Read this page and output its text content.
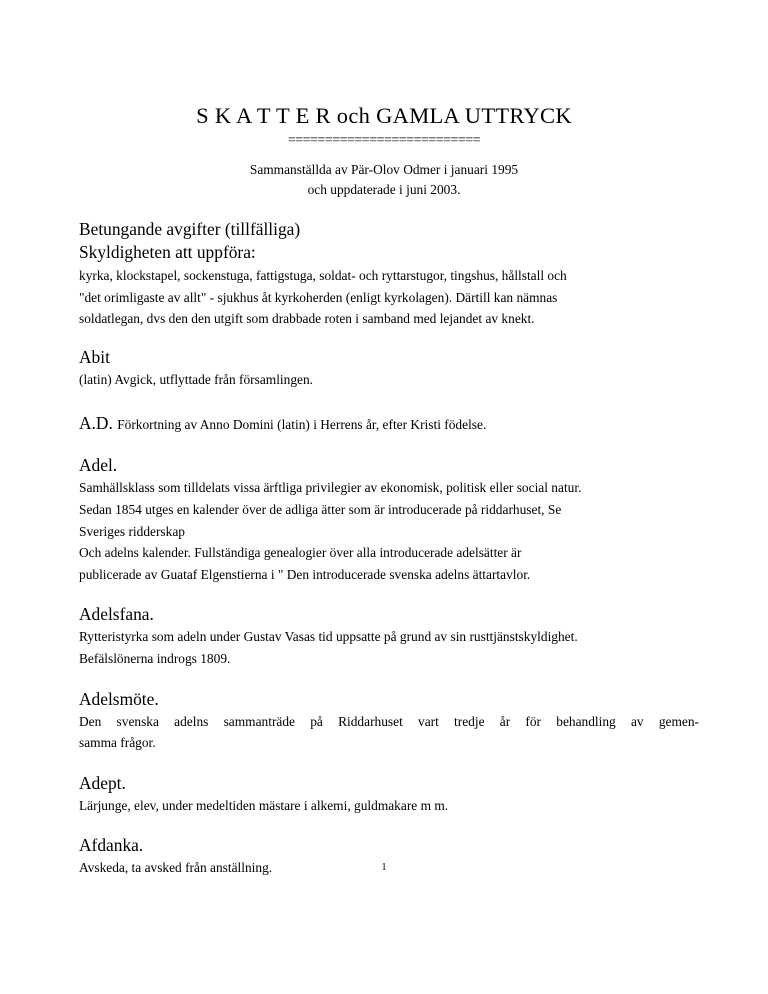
S K A T T E R och GAMLA UTTRYCK
==========================
Sammanställda av Pär-Olov Odmer i januari 1995
och uppdaterade i juni 2003.
Betungande avgifter (tillfälliga)
Skyldigheten att uppföra:
kyrka, klockstapel, sockenstuga, fattigstuga, soldat- och ryttarstugor, tingshus, hållstall och
"det orimligaste av allt" - sjukhus åt kyrkoherden (enligt kyrkolagen). Därtill kan nämnas
soldatlegan, dvs den den utgift som drabbade roten i samband med lejandet av knekt.
Abit
(latin) Avgick, utflyttade från församlingen.
A.D. Förkortning av Anno Domini (latin) i Herrens år, efter Kristi födelse.
Adel.
Samhällsklass som tilldelats vissa ärftliga privilegier av ekonomisk, politisk eller social natur.
Sedan 1854 utges en kalender över de adliga ätter som är introducerade på riddarhuset, Se
Sveriges ridderskap
Och adelns kalender. Fullständiga genealogier över alla introducerade adelsätter är
publicerade av Guataf Elgenstierna i " Den introducerade svenska adelns ättartavlor.
Adelsfana.
Rytteristyrka som adeln under Gustav Vasas tid uppsatte på grund av sin rusttjänstskyldighet.
Befälslönerna indrogs 1809.
Adelsmöte.
Den svenska adelns sammanträde på Riddarhuset vart tredje år för behandling av gemen-
samma frågor.
Adept.
Lärjunge, elev, under medeltiden mästare i alkemi, guldmakare m m.
Afdanka.
Avskeda, ta avsked från anställning.	1
